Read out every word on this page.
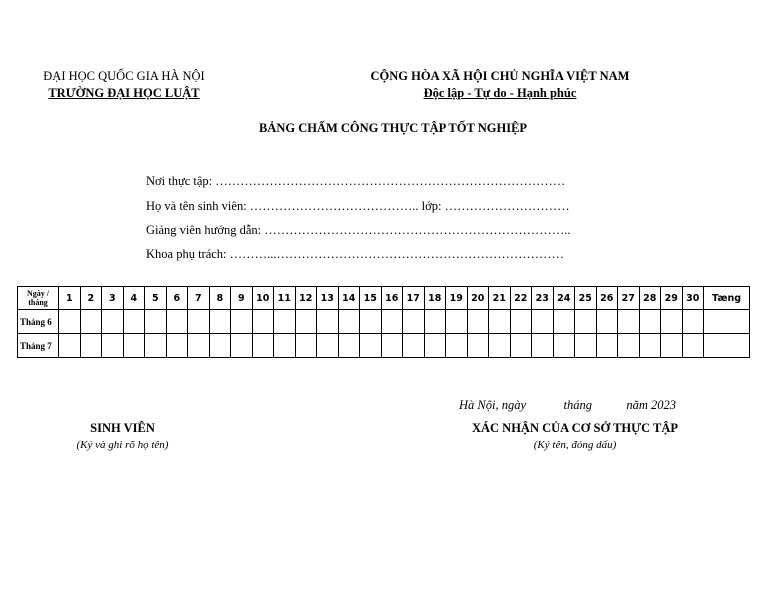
ĐẠI HỌC QUỐC GIA HÀ NỘI
TRƯỜNG ĐẠI HỌC LUẬT
CỘNG HÒA XÃ HỘI CHỦ NGHĨA VIỆT NAM
Độc lập - Tự do - Hạnh phúc
BẢNG CHẤM CÔNG THỰC TẬP TỐT NGHIỆP
Nơi thực tập: …………………………………………………………………………
Họ và tên sinh viên: ………………………………….. lớp: …………………………
Giảng viên hướng dẫn: ………………………………………………………………..
Khoa phụ trách: ………...……………………………………………………………
Ngày /
tháng	1	2	3	4	5	6	7	8	9	10	11	12	13	14	15	16	17	18	19	20	21	22	23	24	25	26	27	28	29	30	Tæng
Tháng 6																															
Tháng 7																															
Hà Nội, ngày            tháng           năm 2023
SINH VIÊN
(Ký và ghi rõ họ tên)
XÁC NHẬN CỦA CƠ SỞ THỰC TẬP
(Ký tên, đóng dấu)
